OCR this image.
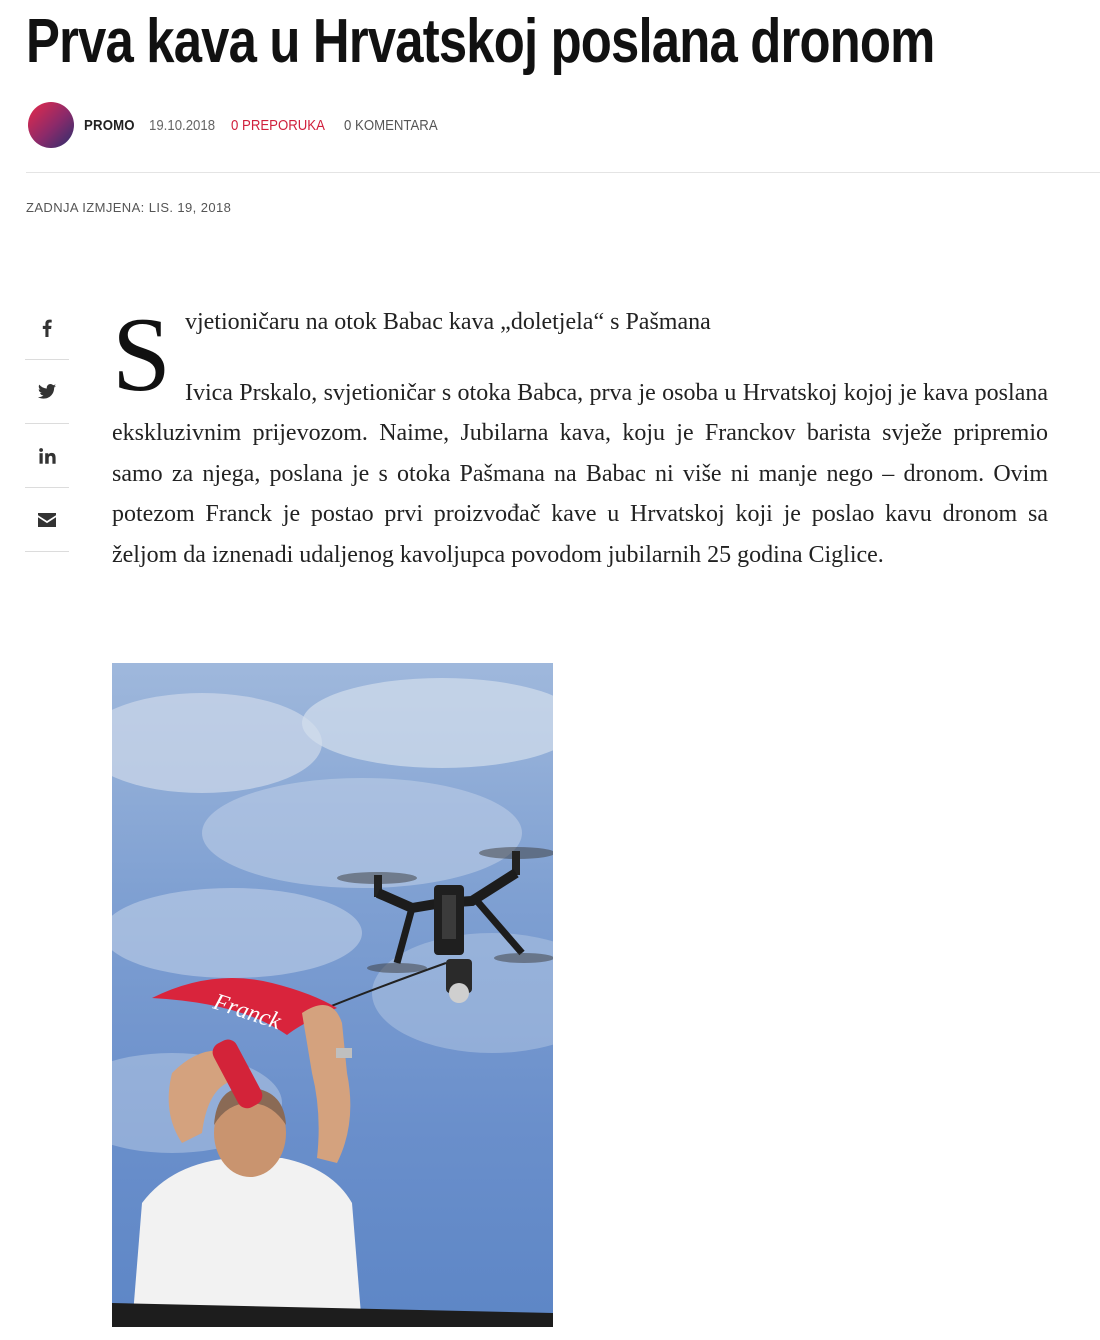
Prva kava u Hrvatskoj poslana dronom
PROMO 19.10.2018 0 PREPORUKA 0 KOMENTARA
ZADNJA IZMJENA: LIS. 19, 2018
S vjetioničaru na otok Babac kava „doletjela“ s Pašmana

Ivica Prskalo, svjetioničar s otoka Babca, prva je osoba u Hrvatskoj kojoj je kava poslana ekskluzivnim prijevozom. Naime, Jubilarna kava, koju je Franckov barista svježe pripremio samo za njega, poslana je s otoka Pašmana na Babac ni više ni manje nego – dronom. Ovim potezom Franck je postao prvi proizvođač kave u Hrvatskoj koji je poslao kavu dronom sa željom da iznenadi udaljenog kavoljupca povodom jubilarnih 25 godina Ciglice.

Franck
